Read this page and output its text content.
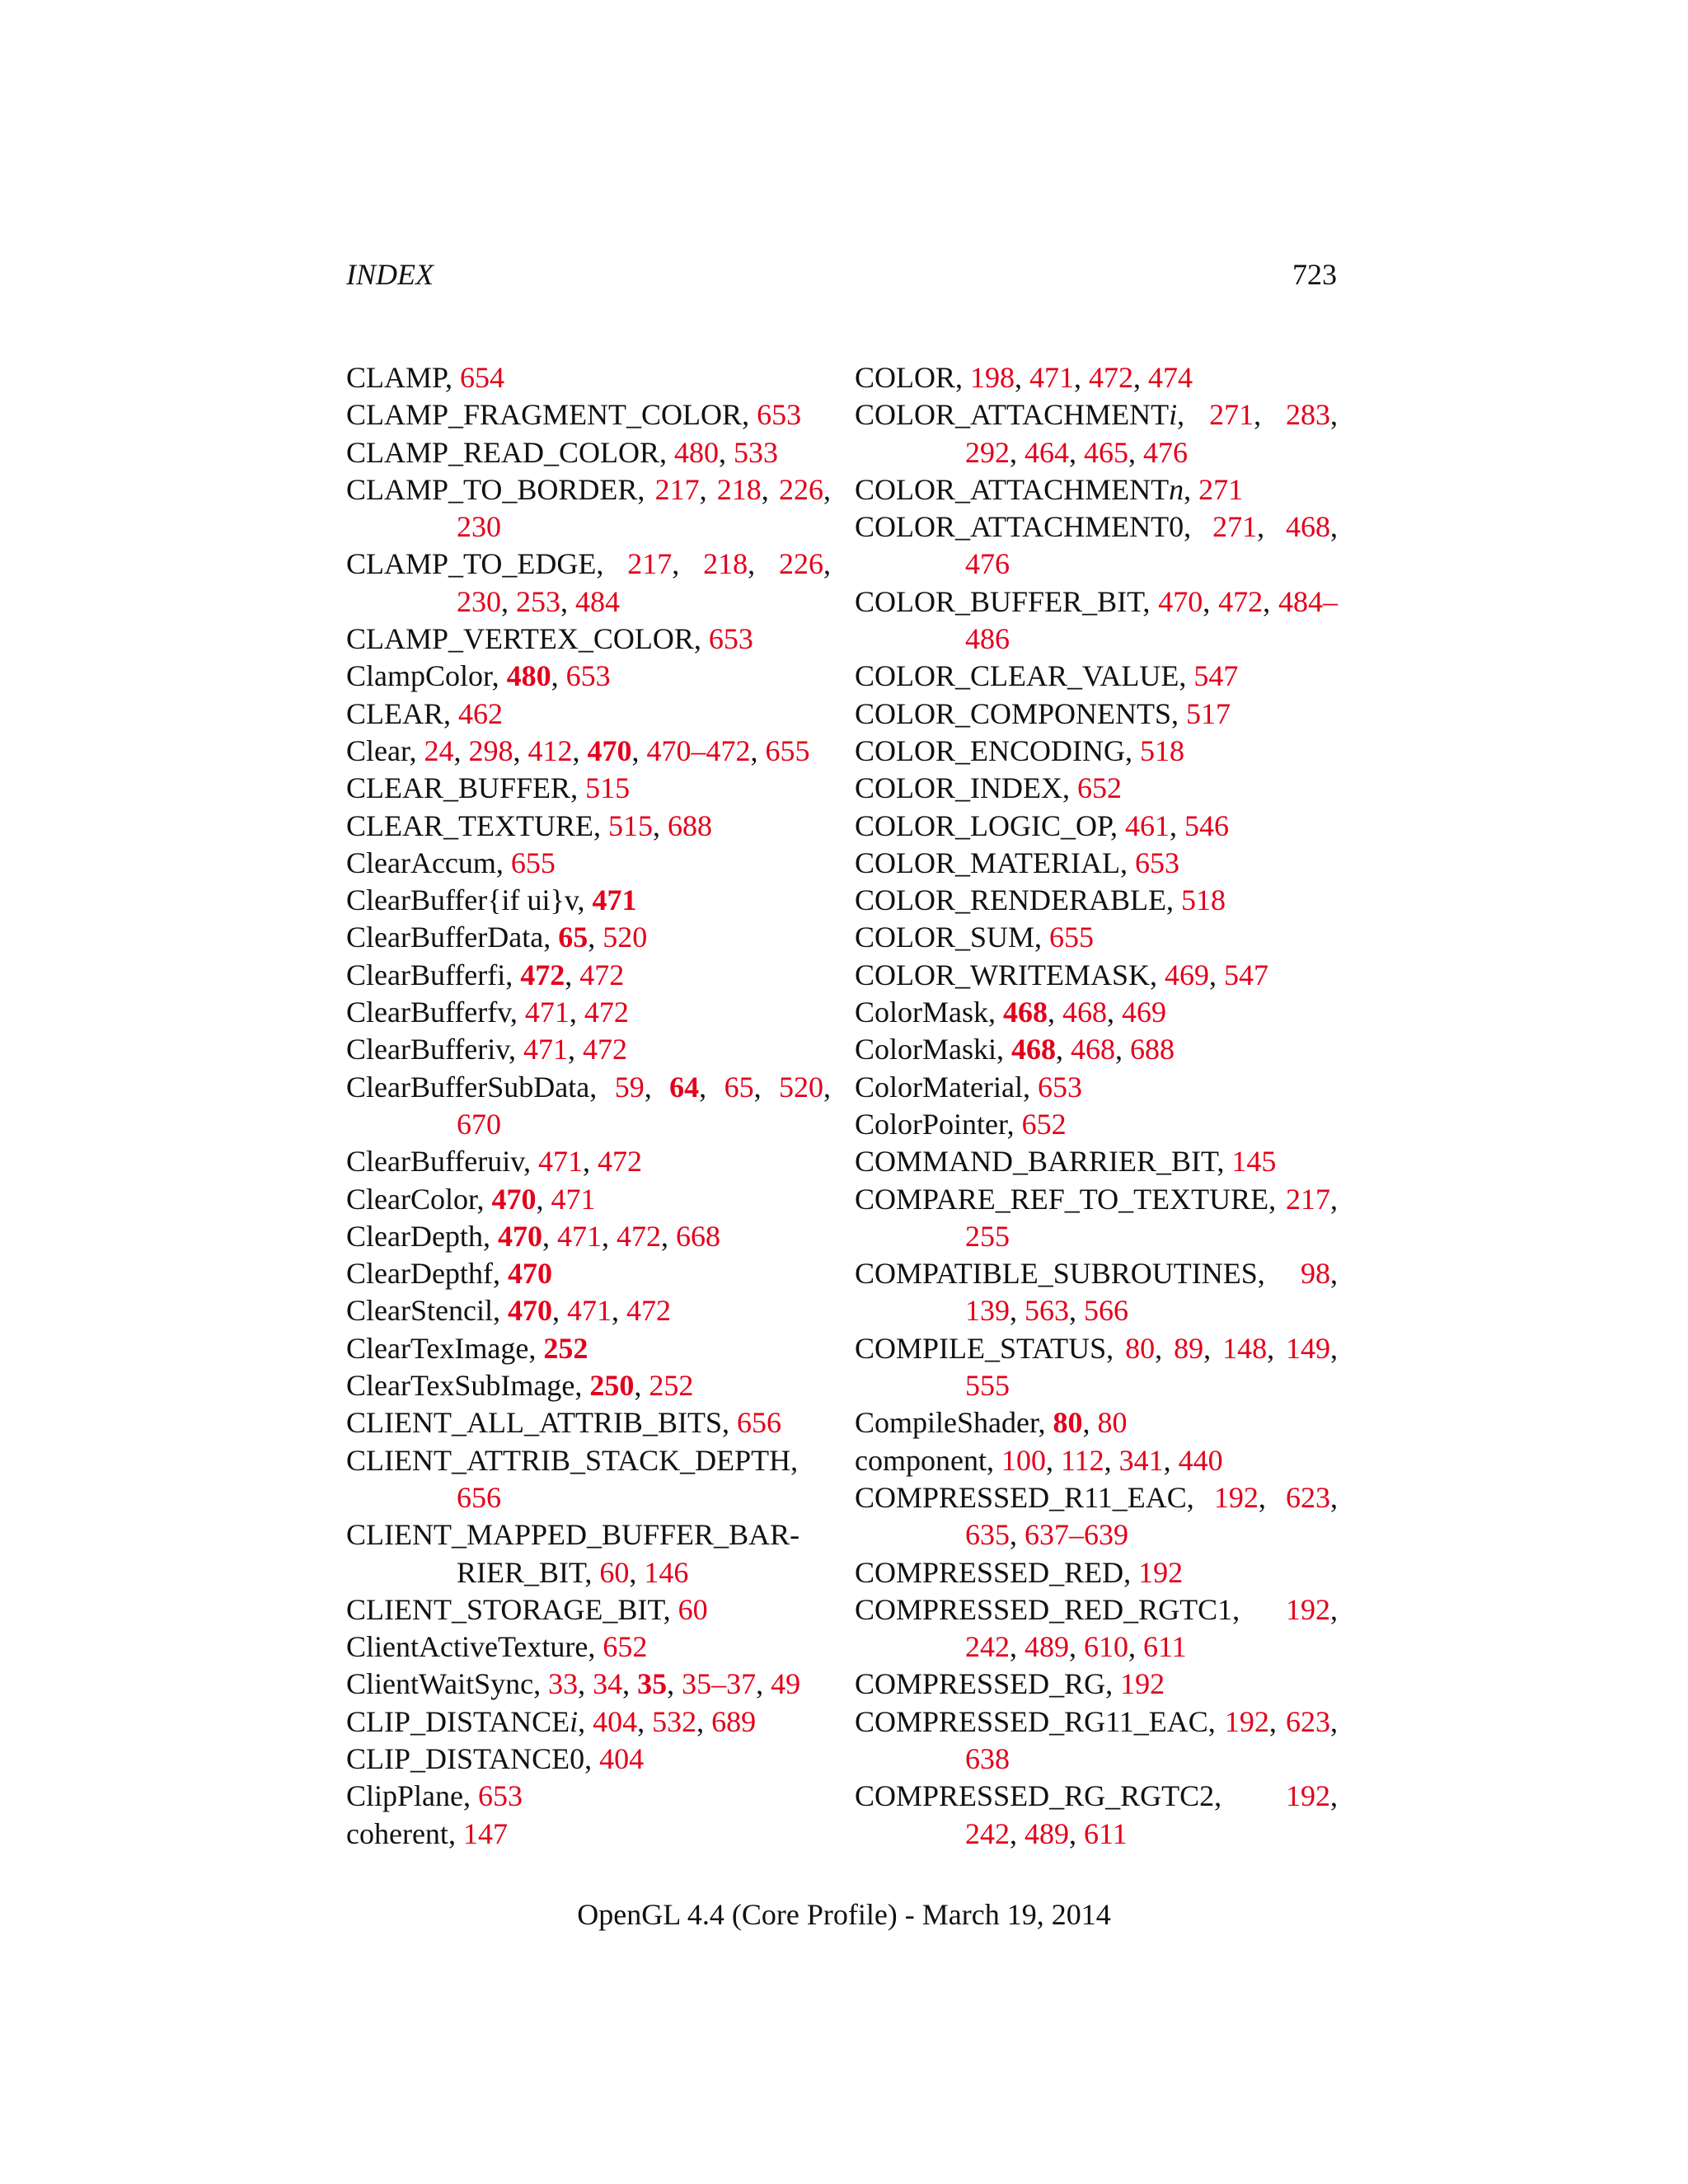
INDEX	723
CLAMP, 654
CLAMP_FRAGMENT_COLOR, 653
CLAMP_READ_COLOR, 480, 533
CLAMP_TO_BORDER, 217, 218, 226, 230
CLAMP_TO_EDGE, 217, 218, 226, 230, 253, 484
CLAMP_VERTEX_COLOR, 653
ClampColor, 480, 653
CLEAR, 462
Clear, 24, 298, 412, 470, 470–472, 655
CLEAR_BUFFER, 515
CLEAR_TEXTURE, 515, 688
ClearAccum, 655
ClearBuffer{if ui}v, 471
ClearBufferData, 65, 520
ClearBufferfi, 472, 472
ClearBufferfv, 471, 472
ClearBufferiv, 471, 472
ClearBufferSubData, 59, 64, 65, 520, 670
ClearBufferuiv, 471, 472
ClearColor, 470, 471
ClearDepth, 470, 471, 472, 668
ClearDepthf, 470
ClearStencil, 470, 471, 472
ClearTexImage, 252
ClearTexSubImage, 250, 252
CLIENT_ALL_ATTRIB_BITS, 656
CLIENT_ATTRIB_STACK_DEPTH, 656
CLIENT_MAPPED_BUFFER_BAR-RIER_BIT, 60, 146
CLIENT_STORAGE_BIT, 60
ClientActiveTexture, 652
ClientWaitSync, 33, 34, 35, 35–37, 49
CLIP_DISTANCEi, 404, 532, 689
CLIP_DISTANCE0, 404
ClipPlane, 653
coherent, 147
COLOR, 198, 471, 472, 474
COLOR_ATTACHMENTi, 271, 283, 292, 464, 465, 476
COLOR_ATTACHMENTn, 271
COLOR_ATTACHMENT0, 271, 468, 476
COLOR_BUFFER_BIT, 470, 472, 484–486
COLOR_CLEAR_VALUE, 547
COLOR_COMPONENTS, 517
COLOR_ENCODING, 518
COLOR_INDEX, 652
COLOR_LOGIC_OP, 461, 546
COLOR_MATERIAL, 653
COLOR_RENDERABLE, 518
COLOR_SUM, 655
COLOR_WRITEMASK, 469, 547
ColorMask, 468, 468, 469
ColorMaski, 468, 468, 688
ColorMaterial, 653
ColorPointer, 652
COMMAND_BARRIER_BIT, 145
COMPARE_REF_TO_TEXTURE, 217, 255
COMPATIBLE_SUBROUTINES, 98, 139, 563, 566
COMPILE_STATUS, 80, 89, 148, 149, 555
CompileShader, 80, 80
component, 100, 112, 341, 440
COMPRESSED_R11_EAC, 192, 623, 635, 637–639
COMPRESSED_RED, 192
COMPRESSED_RED_RGTC1, 192, 242, 489, 610, 611
COMPRESSED_RG, 192
COMPRESSED_RG11_EAC, 192, 623, 638
COMPRESSED_RG_RGTC2, 192, 242, 489, 611
OpenGL 4.4 (Core Profile) - March 19, 2014
